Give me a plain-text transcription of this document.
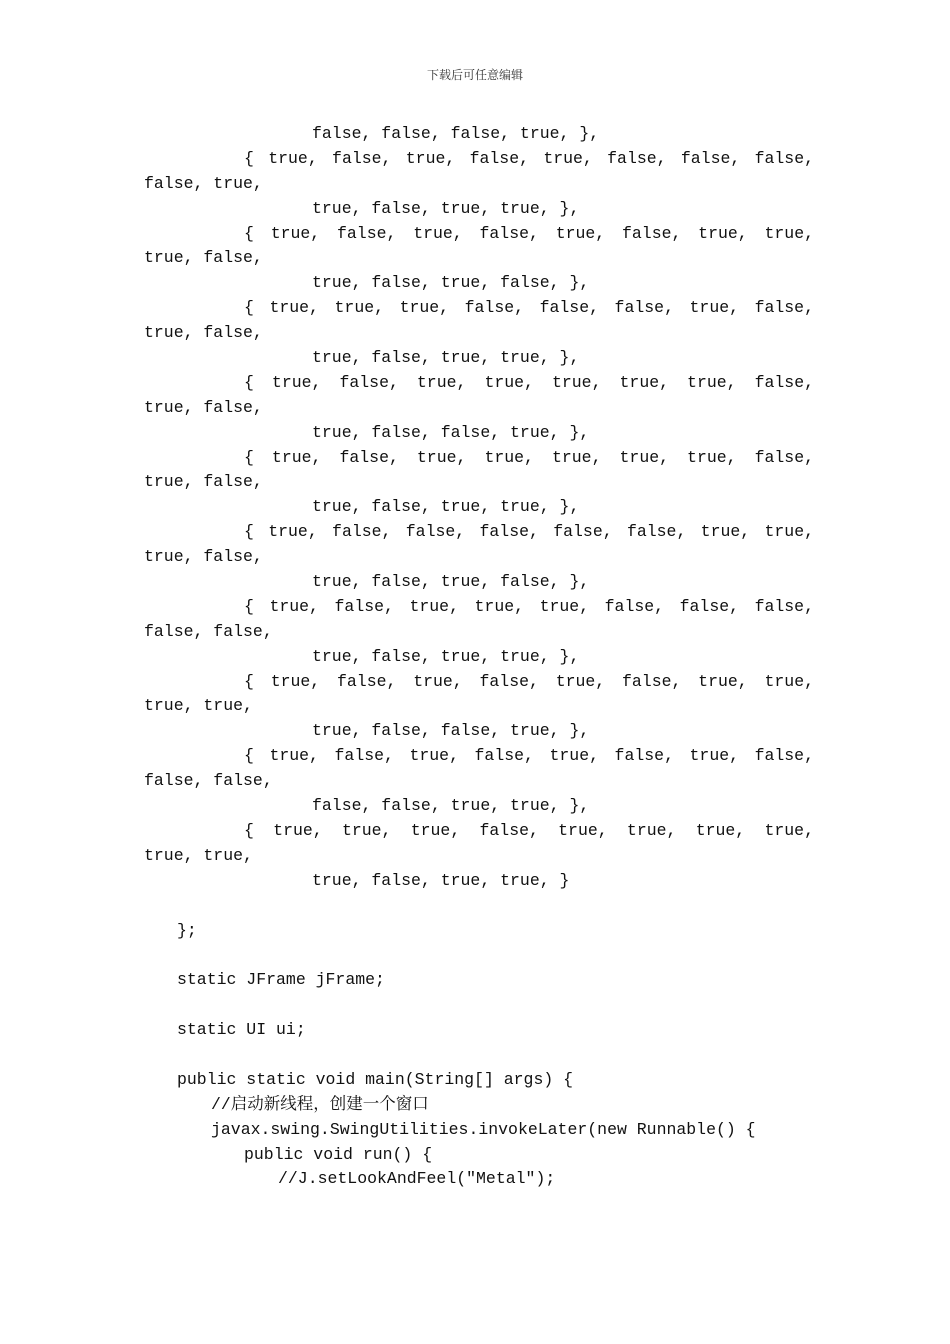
下载后可任意编辑
false, false, false, true, },
{ true, false, true, false, true, false, false, false,
false, true,
true, false, true, true, },
{ true, false, true, false, true, false, true, true,
true, false,
true, false, true, false, },
{ true, true, true, false, false, false, true, false,
true, false,
true, false, true, true, },
{ true, false, true, true, true, true, true, false,
true, false,
true, false, false, true, },
{ true, false, true, true, true, true, true, false,
true, false,
true, false, true, true, },
{ true, false, false, false, false, false, true, true,
true, false,
true, false, true, false, },
{ true, false, true, true, true, false, false, false,
false, false,
true, false, true, true, },
{ true, false, true, false, true, false, true, true,
true, true,
true, false, false, true, },
{ true, false, true, false, true, false, true, false,
false, false,
false, false, true, true, },
{ true, true, true, false, true, true, true, true,
true, true,
true, false, true, true, }
};
static JFrame jFrame;
static UI ui;
public static void main(String[] args) {
//启动新线程，创建一个窗口
javax.swing.SwingUtilities.invokeLater(new Runnable() {
public void run() {
//J.setLookAndFeel("Metal");
